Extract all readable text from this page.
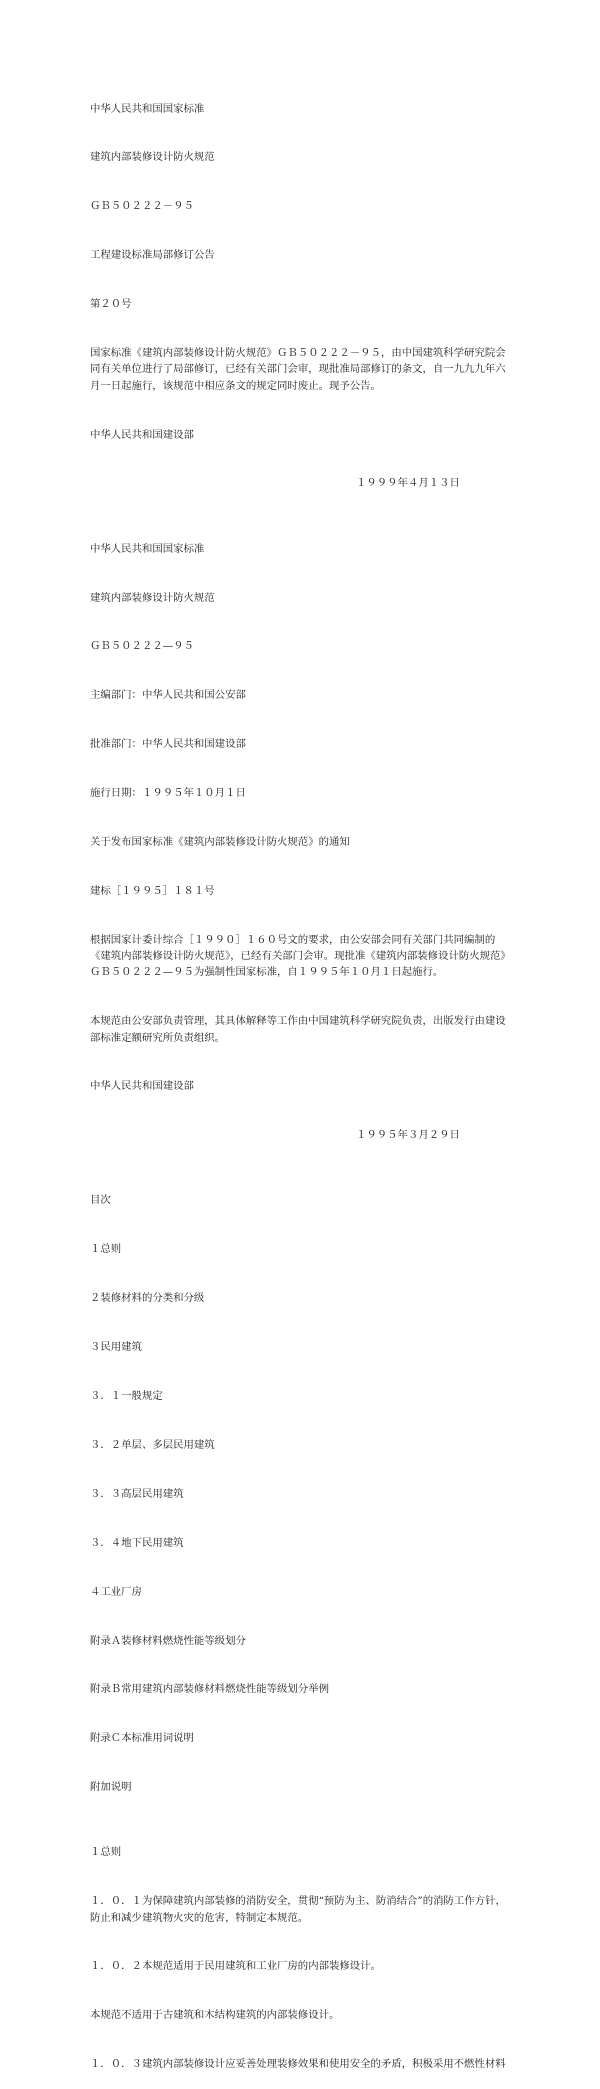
中华人民共和国国家标准

建筑内部装修设计防火规范

ＧＢ５０２２２－９５

工程建设标准局部修订公告

第２０号

国家标准《建筑内部装修设计防火规范》ＧＢ５０２２２－９５，由中国建筑科学研究院会同有关单位进行了局部修订，已经有关部门会审，现批准局部修订的条文，自一九九九年六月一日起施行，该规范中相应条文的规定同时废止。现予公告。

中华人民共和国建设部

１９９９年４月１３日

中华人民共和国国家标准

建筑内部装修设计防火规范

ＧＢ５０２２２—９５

主编部门：中华人民共和国公安部

批准部门：中华人民共和国建设部

施行日期：１９９５年１０月１日

关于发布国家标准《建筑内部装修设计防火规范》的通知

建标［１９９５］１８１号

根据国家计委计综合［１９９０］１６０号文的要求，由公安部会同有关部门共同编制的《建筑内部装修设计防火规范》，已经有关部门会审。现批准《建筑内部装修设计防火规范》ＧＢ５０２２２—９５为强制性国家标准，自１９９５年１０月１日起施行。

本规范由公安部负责管理，其具体解释等工作由中国建筑科学研究院负责，出版发行由建设部标准定额研究所负责组织。

中华人民共和国建设部

１９９５年３月２９日

目次

１总则

２装修材料的分类和分级

３民用建筑

３．１一般规定

３．２单层、多层民用建筑

３．３高层民用建筑

３．４地下民用建筑

４工业厂房

附录Ａ装修材料燃烧性能等级划分

附录Ｂ常用建筑内部装修材料燃烧性能等级划分举例

附录Ｃ本标准用词说明

附加说明

１总则

１．０．１为保障建筑内部装修的消防安全，贯彻“预防为主、防消结合”的消防工作方针，防止和减少建筑物火灾的危害，特制定本规范。

１．０．２本规范适用于民用建筑和工业厂房的内部装修设计。

本规范不适用于古建筑和木结构建筑的内部装修设计。

１．０．３建筑内部装修设计应妥善处理装修效果和使用安全的矛盾，积极采用不燃性材料
